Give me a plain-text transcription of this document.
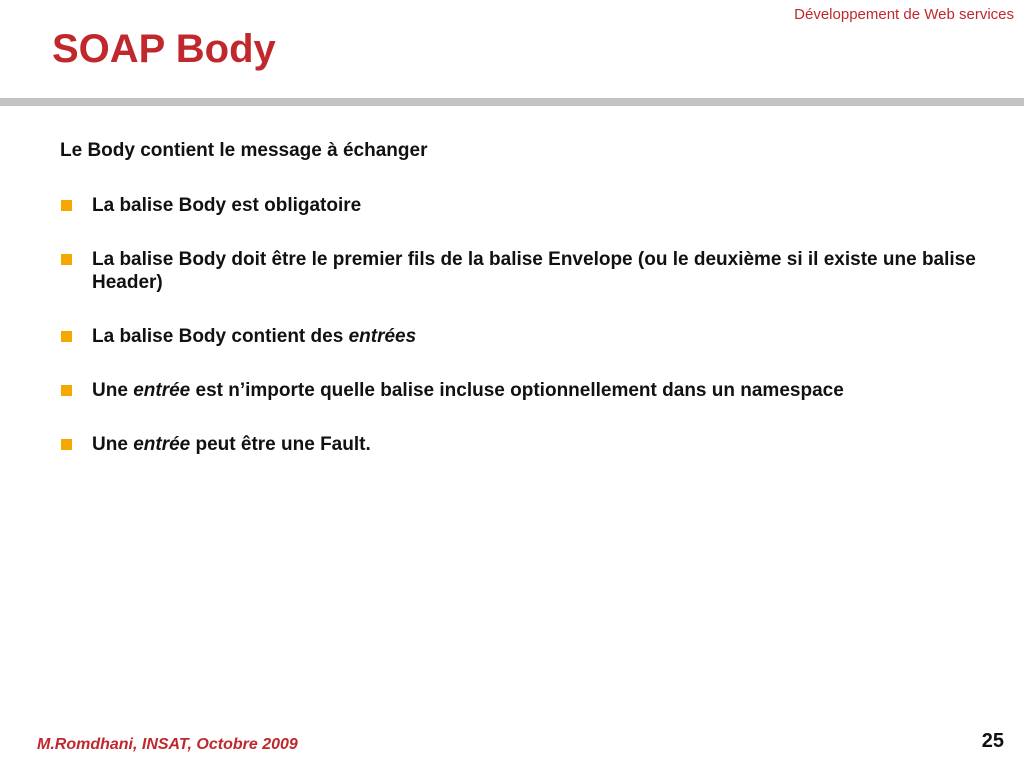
Développement de Web services
SOAP Body

Le Body contient le message à échanger

La balise Body est obligatoire
La balise Body doit être le premier fils de la balise Envelope (ou le deuxième si il existe une balise Header)
La balise Body contient des entrées
Une entrée est n’importe quelle balise incluse optionnellement dans un namespace
Une entrée peut être une Fault.
M.Romdhani, INSAT, Octobre 2009	25
